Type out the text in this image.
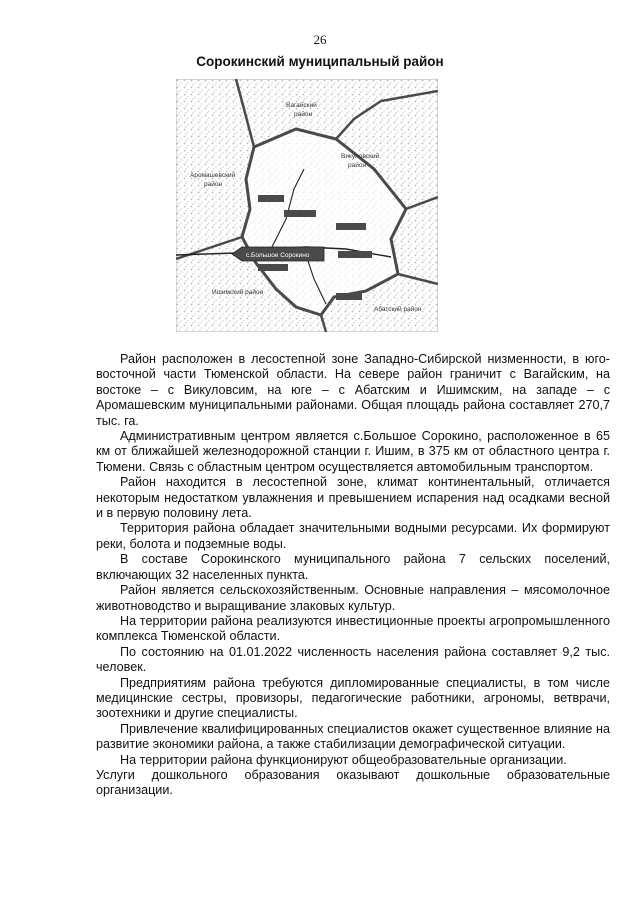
26
Сорокинский муниципальный район
Вагайский
район
Викуловский
район
Аромашевский
район
Ишимский район
Абатский район
с.Большое Сорокино

Район расположен в лесостепной зоне Западно-Сибирской низменности, в юго-восточной части Тюменской области. На севере район граничит с Вагайским, на востоке – с Викуловсим, на юге – с Абатским и Ишимским, на западе – с Аромашевским муниципальными районами. Общая площадь района составляет 270,7 тыс. га.

Административным центром является с.Большое Сорокино, расположенное в 65 км от ближайшей железнодорожной станции г. Ишим, в 375 км от областного центра г. Тюмени. Связь с областным центром осуществляется автомобильным транспортом.

Район находится в лесостепной зоне, климат континентальный, отличается некоторым недостатком увлажнения и превышением испарения над осадками весной и в первую половину лета.

Территория района обладает значительными водными ресурсами. Их формируют реки, болота и подземные воды.

В составе Сорокинского муниципального района 7 сельских поселений, включающих 32 населенных пункта.

Район является сельскохозяйственным. Основные направления – мясомолочное животноводство и выращивание злаковых культур.

На территории района реализуются инвестиционные проекты агропромышленного комплекса Тюменской области.

По состоянию на 01.01.2022 численность населения района составляет 9,2 тыс. человек.

Предприятиям района требуются дипломированные специалисты, в том числе медицинские сестры, провизоры, педагогические работники, агрономы, ветврачи, зоотехники и другие специалисты.

Привлечение квалифицированных специалистов окажет существенное влияние на развитие экономики района, а также стабилизации демографической ситуации.

На территории района функционируют общеобразовательные организации.

Услуги дошкольного образования оказывают дошкольные образовательные организации.
